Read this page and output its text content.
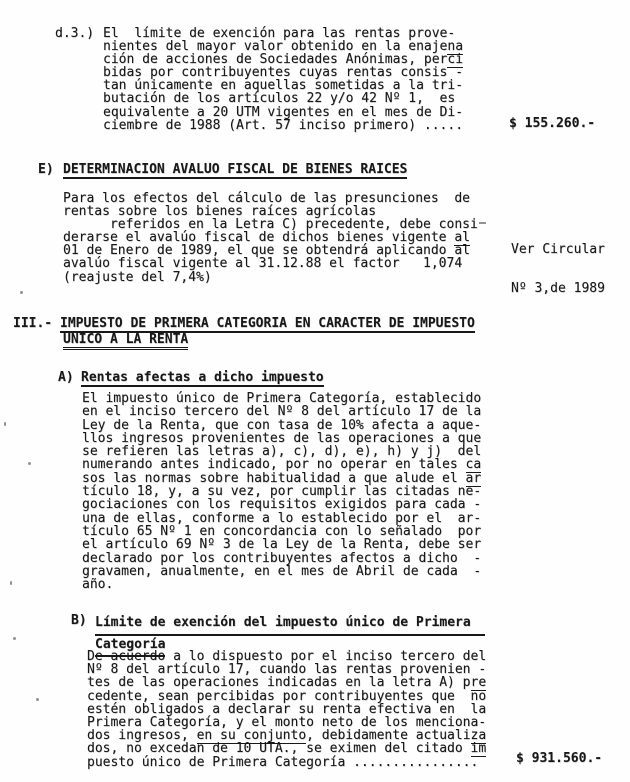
d.3.) El  límite de exención para las rentas prove-
nientes del mayor valor obtenido en la enajena
ción de acciones de Sociedades Anónimas, perci
bidas por contribuyentes cuyas rentas consis -
tan únicamente en aquellas sometidas a la tri-
butación de los artículos 22 y/o 42 Nº 1,  es
equivalente a 20 UTM vigentes en el mes de Di-
ciembre de 1988 (Art. 57 inciso primero) .....	$ 155.260.-
E) DETERMINACION AVALUO FISCAL DE BIENES RAICES
Para los efectos del cálculo de las presunciones  de
rentas sobre los bienes raíces agrícolas
referidos en la Letra C) precedente, debe consi
derarse el avalúo fiscal de dichos bienes vigente al
01 de Enero de 1989, el que se obtendrá aplicando al
avalúo fiscal vigente al 31.12.88 el factor   1,074
(reajuste del 7,4%)

Ver Circular

Nº 3,de 1989

III.- IMPUESTO DE PRIMERA CATEGORIA EN CARACTER DE IMPUESTO
UNICO A LA RENTA
A) Rentas afectas a dicho impuesto
El impuesto único de Primera Categoría, establecido
en el inciso tercero del Nº 8 del artículo 17 de la
Ley de la Renta, que con tasa de 10% afecta a aque-
llos ingresos provenientes de las operaciones a que
se refieren las letras a), c), d), e), h) y j)  del
numerando antes indicado, por no operar en tales ca
sos las normas sobre habitualidad a que alude el ar
tículo 18, y, a su vez, por cumplir las citadas ne-
gociaciones con los requisitos exigidos para cada -
una de ellas, conforme a lo establecido por el  ar-
tículo 65 Nº 1 en concordancia con lo señalado  por
el artículo 69 Nº 3 de la Ley de la Renta, debe ser
declarado por los contribuyentes afectos a dicho  -
gravamen, anualmente, en el mes de Abril de cada  -
año.
B) Límite de exención del impuesto único de Primera
Categoría
De acuerdo a lo dispuesto por el inciso tercero del
Nº 8 del artículo 17, cuando las rentas provenien -
tes de las operaciones indicadas en la letra A) pre
cedente, sean percibidas por contribuyentes que  no
estén obligados a declarar su renta efectiva en  la
Primera Categoría, y el monto neto de los menciona-
dos ingresos, en su conjunto, debidamente actualiza
dos, no excedan de 10 UTA., se eximen del citado im
puesto único de Primera Categoría ................	$ 931.560.-
